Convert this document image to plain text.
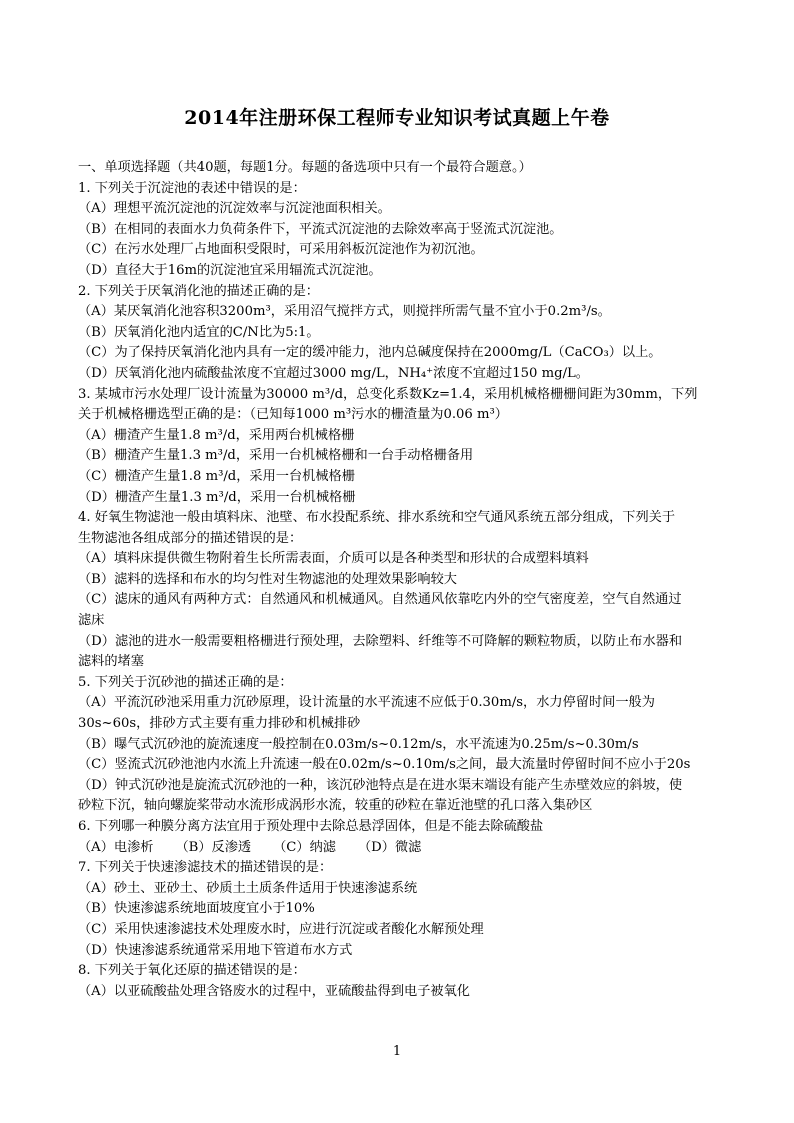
2014年注册环保工程师专业知识考试真题上午卷

一、单项选择题（共40题，每题1分。每题的备选项中只有一个最符合题意。）

1. 下列关于沉淀池的表述中错误的是：

（A）理想平流沉淀池的沉淀效率与沉淀池面积相关。

（B）在相同的表面水力负荷条件下，平流式沉淀池的去除效率高于竖流式沉淀池。

（C）在污水处理厂占地面积受限时，可采用斜板沉淀池作为初沉池。

（D）直径大于16m的沉淀池宜采用辐流式沉淀池。

2. 下列关于厌氧消化池的描述正确的是：

（A）某厌氧消化池容积3200m³，采用沼气搅拌方式，则搅拌所需气量不宜小于0.2m³/s。

（B）厌氧消化池内适宜的C/N比为5:1。

（C）为了保持厌氧消化池内具有一定的缓冲能力，池内总碱度保持在2000mg/L（CaCO₃）以上。

（D）厌氧消化池内硫酸盐浓度不宜超过3000 mg/L，NH₄⁺浓度不宜超过150 mg/L。

3. 某城市污水处理厂设计流量为30000 m³/d，总变化系数Kz=1.4，采用机械格栅栅间距为30mm，下列

关于机械格栅选型正确的是：（已知每1000 m³污水的栅渣量为0.06 m³）

（A）栅渣产生量1.8 m³/d，采用两台机械格栅

（B）栅渣产生量1.3 m³/d，采用一台机械格栅和一台手动格栅备用

（C）栅渣产生量1.8 m³/d，采用一台机械格栅

（D）栅渣产生量1.3 m³/d，采用一台机械格栅

4. 好氧生物滤池一般由填料床、池壁、布水投配系统、排水系统和空气通风系统五部分组成，下列关于

生物滤池各组成部分的描述错误的是：

（A）填料床提供微生物附着生长所需表面，介质可以是各种类型和形状的合成塑料填料

（B）滤料的选择和布水的均匀性对生物滤池的处理效果影响较大

（C）滤床的通风有两种方式：自然通风和机械通风。自然通风依靠吃内外的空气密度差，空气自然通过

滤床

（D）滤池的进水一般需要粗格栅进行预处理，去除塑料、纤维等不可降解的颗粒物质，以防止布水器和

滤料的堵塞

5. 下列关于沉砂池的描述正确的是：

（A）平流沉砂池采用重力沉砂原理，设计流量的水平流速不应低于0.30m/s，水力停留时间一般为

30s~60s，排砂方式主要有重力排砂和机械排砂

（B）曝气式沉砂池的旋流速度一般控制在0.03m/s~0.12m/s，水平流速为0.25m/s~0.30m/s

（C）竖流式沉砂池池内水流上升流速一般在0.02m/s~0.10m/s之间，最大流量时停留时间不应小于20s

（D）钟式沉砂池是旋流式沉砂池的一种，该沉砂池特点是在进水渠末端设有能产生赤壁效应的斜坡，使

砂粒下沉，轴向螺旋桨带动水流形成涡形水流，较重的砂粒在靠近池壁的孔口落入集砂区

6. 下列哪一种膜分离方法宜用于预处理中去除总悬浮固体，但是不能去除硫酸盐

（A）电渗析 （B）反渗透 （C）纳滤 （D）微滤

7. 下列关于快速渗滤技术的描述错误的是：

（A）砂土、亚砂土、砂质土土质条件适用于快速渗滤系统

（B）快速渗滤系统地面坡度宜小于10%

（C）采用快速渗滤技术处理废水时，应进行沉淀或者酸化水解预处理

（D）快速渗滤系统通常采用地下管道布水方式

8. 下列关于氧化还原的描述错误的是：

（A）以亚硫酸盐处理含铬废水的过程中，亚硫酸盐得到电子被氧化

1
